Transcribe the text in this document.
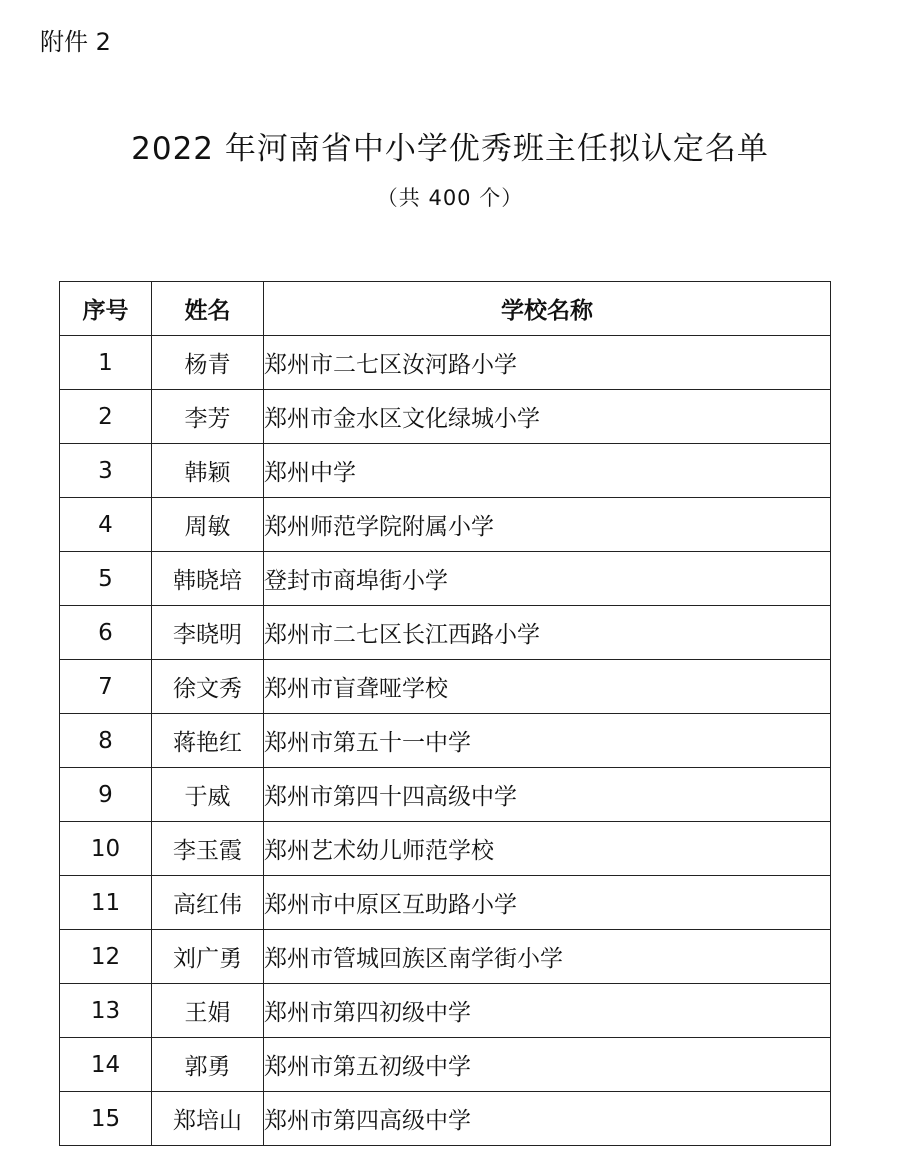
附件 2
2022 年河南省中小学优秀班主任拟认定名单
（共 400 个）
序号	姓名	学校名称
1	杨青	郑州市二七区汝河路小学
2	李芳	郑州市金水区文化绿城小学
3	韩颖	郑州中学
4	周敏	郑州师范学院附属小学
5	韩晓培	登封市商埠街小学
6	李晓明	郑州市二七区长江西路小学
7	徐文秀	郑州市盲聋哑学校
8	蒋艳红	郑州市第五十一中学
9	于威	郑州市第四十四高级中学
10	李玉霞	郑州艺术幼儿师范学校
11	高红伟	郑州市中原区互助路小学
12	刘广勇	郑州市管城回族区南学街小学
13	王娟	郑州市第四初级中学
14	郭勇	郑州市第五初级中学
15	郑培山	郑州市第四高级中学
